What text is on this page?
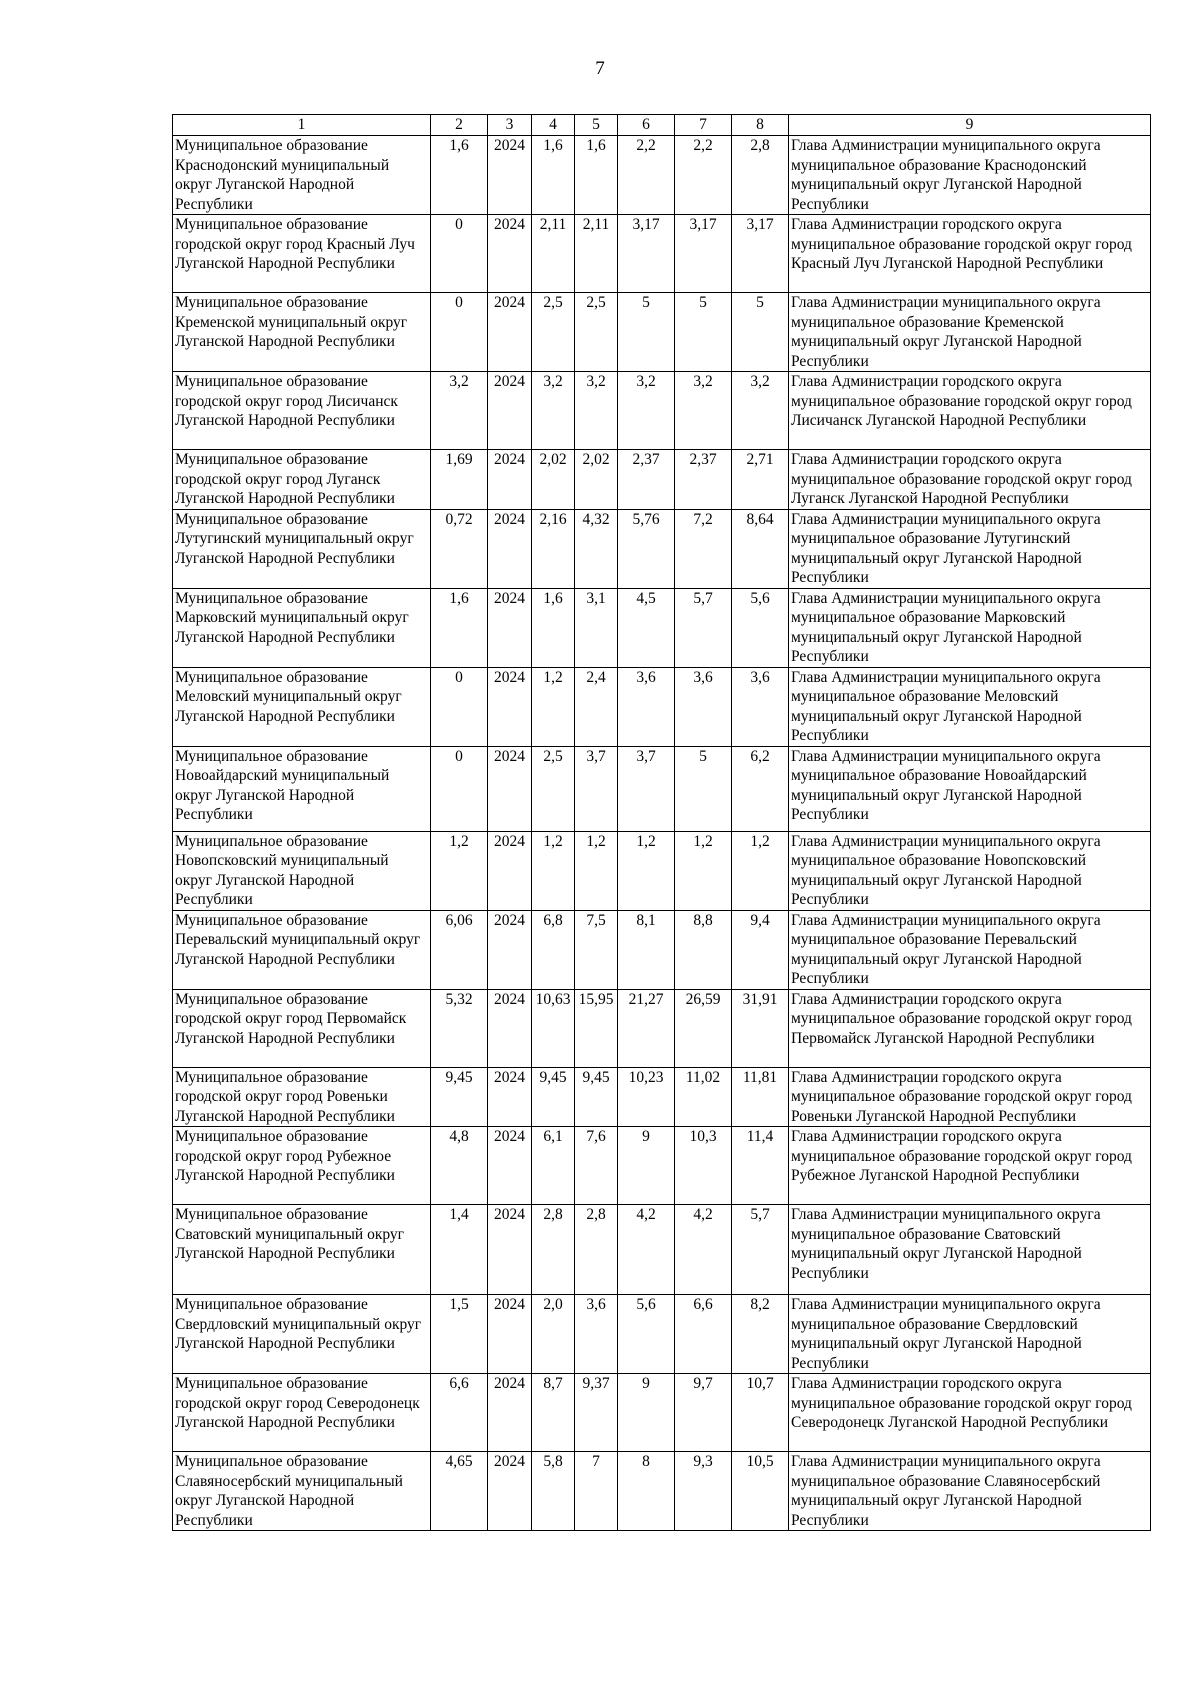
7
1	2	3	4	5	6	7	8	9
Муниципальное образование Краснодонский муниципальный округ Луганской Народной Республики	1,6	2024	1,6	1,6	2,2	2,2	2,8	Глава Администрации муниципального округа муниципальное образование Краснодонский муниципальный округ Луганской Народной Республики
Муниципальное образование городской округ город Красный Луч Луганской Народной Республики	0	2024	2,11	2,11	3,17	3,17	3,17	Глава Администрации городского округа муниципальное образование городской округ город Красный Луч Луганской Народной Республики
Муниципальное образование Кременской муниципальный округ Луганской Народной Республики	0	2024	2,5	2,5	5	5	5	Глава Администрации муниципального округа муниципальное образование Кременской муниципальный округ Луганской Народной Республики
Муниципальное образование городской округ город Лисичанск Луганской Народной Республики	3,2	2024	3,2	3,2	3,2	3,2	3,2	Глава Администрации городского округа муниципальное образование городской округ город Лисичанск Луганской Народной Республики
Муниципальное образование городской округ город Луганск Луганской Народной Республики	1,69	2024	2,02	2,02	2,37	2,37	2,71	Глава Администрации городского округа муниципальное образование городской округ город Луганск Луганской Народной Республики
Муниципальное образование Лутугинский муниципальный округ Луганской Народной Республики	0,72	2024	2,16	4,32	5,76	7,2	8,64	Глава Администрации муниципального округа муниципальное образование Лутугинский муниципальный округ Луганской Народной Республики
Муниципальное образование Марковский муниципальный округ Луганской Народной Республики	1,6	2024	1,6	3,1	4,5	5,7	5,6	Глава Администрации муниципального округа муниципальное образование Марковский муниципальный округ Луганской Народной Республики
Муниципальное образование Меловский муниципальный округ Луганской Народной Республики	0	2024	1,2	2,4	3,6	3,6	3,6	Глава Администрации муниципального округа муниципальное образование Меловский муниципальный округ Луганской Народной Республики
Муниципальное образование Новоайдарский муниципальный округ Луганской Народной Республики	0	2024	2,5	3,7	3,7	5	6,2	Глава Администрации муниципального округа муниципальное образование Новоайдарский муниципальный округ Луганской Народной Республики
Муниципальное образование Новопсковский муниципальный округ Луганской Народной Республики	1,2	2024	1,2	1,2	1,2	1,2	1,2	Глава Администрации муниципального округа муниципальное образование Новопсковский муниципальный округ Луганской Народной Республики
Муниципальное образование Перевальский муниципальный округ Луганской Народной Республики	6,06	2024	6,8	7,5	8,1	8,8	9,4	Глава Администрации муниципального округа муниципальное образование Перевальский муниципальный округ Луганской Народной Республики
Муниципальное образование городской округ город Первомайск Луганской Народной Республики	5,32	2024	10,63	15,95	21,27	26,59	31,91	Глава Администрации городского округа муниципальное образование городской округ город Первомайск Луганской Народной Республики
Муниципальное образование городской округ город Ровеньки Луганской Народной Республики	9,45	2024	9,45	9,45	10,23	11,02	11,81	Глава Администрации городского округа муниципальное образование городской округ город Ровеньки Луганской Народной Республики
Муниципальное образование городской округ город Рубежное Луганской Народной Республики	4,8	2024	6,1	7,6	9	10,3	11,4	Глава Администрации городского округа муниципальное образование городской округ город Рубежное Луганской Народной Республики
Муниципальное образование Сватовский муниципальный округ Луганской Народной Республики	1,4	2024	2,8	2,8	4,2	4,2	5,7	Глава Администрации муниципального округа муниципальное образование Сватовский муниципальный округ Луганской Народной Республики
Муниципальное образование Свердловский муниципальный округ Луганской Народной Республики	1,5	2024	2,0	3,6	5,6	6,6	8,2	Глава Администрации муниципального округа муниципальное образование Свердловский муниципальный округ Луганской Народной Республики
Муниципальное образование городской округ город Северодонецк Луганской Народной Республики	6,6	2024	8,7	9,37	9	9,7	10,7	Глава Администрации городского округа муниципальное образование городской округ город Северодонецк Луганской Народной Республики
Муниципальное образование Славяносербский муниципальный округ Луганской Народной Республики	4,65	2024	5,8	7	8	9,3	10,5	Глава Администрации муниципального округа муниципальное образование Славяносербский муниципальный округ Луганской Народной Республики
